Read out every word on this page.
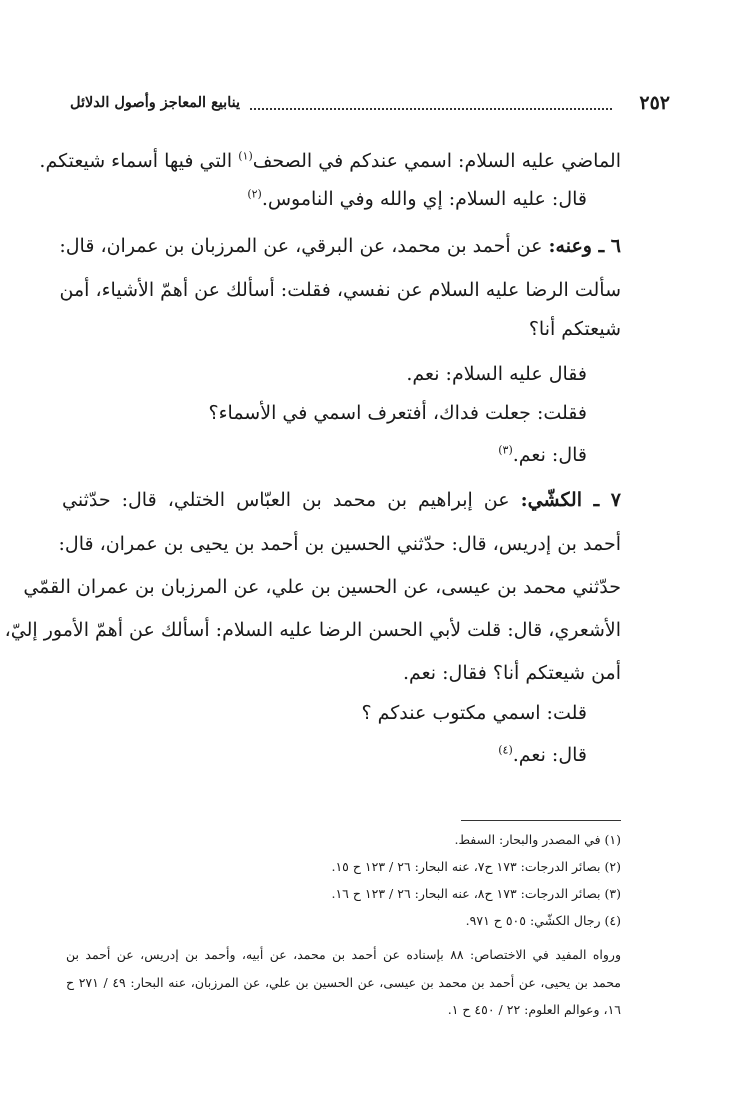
٢٥٢
ينابيع المعاجز وأصول الدلائل
الماضي عليه السلام: اسمي عندكم في الصحف$^{(١)}$ التي فيها أسماء شيعتكم.
قال: عليه السلام: إي والله وفي الناموس.$^{(٢)}$
٦ ـ وعنه: عن أحمد بن محمد، عن البرقي، عن المرزبان بن عمران، قال:
سألت الرضا عليه السلام عن نفسي، فقلت: أسألك عن أهمّ الأشياء، أمن
شيعتكم أنا؟
فقال عليه السلام: نعم.
فقلت: جعلت فداك، أفتعرف اسمي في الأسماء؟
قال: نعم.$^{(٣)}$
٧ ـ الكشّي: عن إبراهيم بن محمد بن العبّاس الختلي، قال: حدّثني
أحمد بن إدريس، قال: حدّثني الحسين بن أحمد بن يحيى بن عمران، قال:
حدّثني محمد بن عيسى، عن الحسين بن علي، عن المرزبان بن عمران القمّي
الأشعري، قال: قلت لأبي الحسن الرضا عليه السلام: أسألك عن أهمّ الأمور إليّ،
أمن شيعتكم أنا؟ فقال: نعم.
قلت: اسمي مكتوب عندكم ؟
قال: نعم.$^{(٤)}$
(١) في المصدر والبحار: السفط.
(٢) بصائر الدرجات: ١٧٣ ح٧، عنه البحار: ٢٦ / ١٢٣ ح ١٥.
(٣) بصائر الدرجات: ١٧٣ ح٨، عنه البحار: ٢٦ / ١٢٣ ح ١٦.
(٤) رجال الكشّي: ٥٠٥ ح ٩٧١.
ورواه المفيد في الاختصاص: ٨٨ بإسناده عن أحمد بن محمد، عن أبيه، وأحمد بن إدريس، عن أحمد بن
محمد بن يحيى، عن أحمد بن محمد بن عيسى، عن الحسين بن علي، عن المرزبان، عنه البحار: ٤٩ / ٢٧١ ح
١٦، وعوالم العلوم: ٢٢ / ٤٥٠ ح ١.
